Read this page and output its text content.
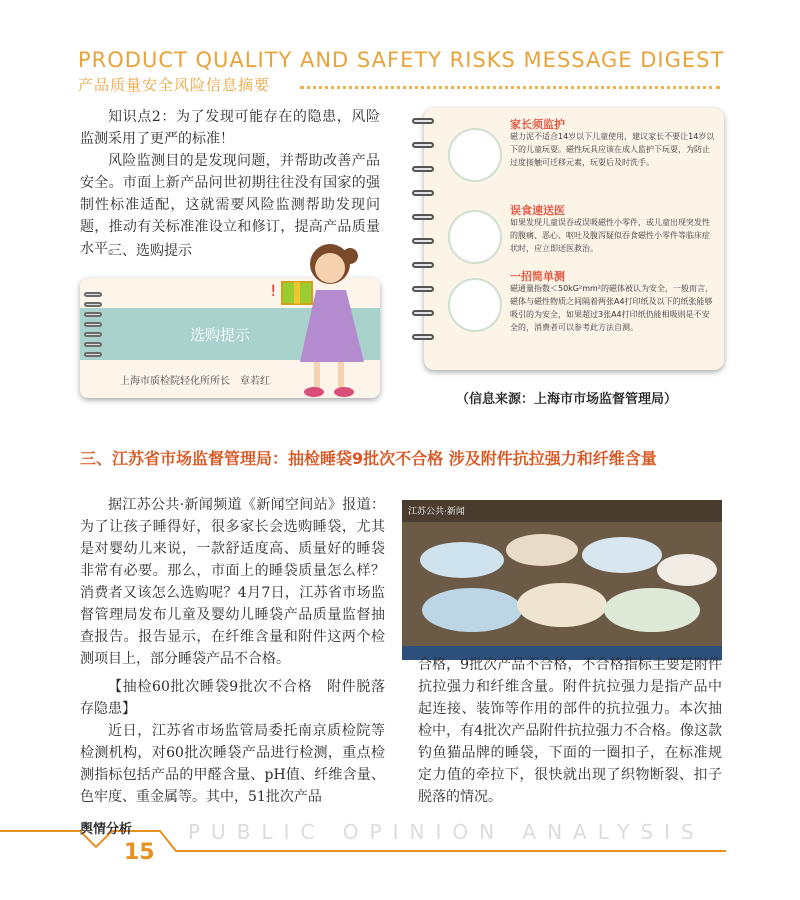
PRODUCT QUALITY AND SAFETY RISKS MESSAGE DIGEST
产品质量安全风险信息摘要
知识点2：为了发现可能存在的隐患，风险监测采用了更严的标准！
风险监测目的是发现问题，并帮助改善产品安全。市面上新产品问世初期往往没有国家的强制性标准适配，这就需要风险监测帮助发现问题，推动有关标准准设立和修订，提高产品质量水平。
三、选购提示
选购提示
上海市质检院轻化所所长　章若红
!
家长须监护
磁力泥不适合14岁以下儿童使用，建议家长不要让14岁以下的儿童玩耍。磁性玩具应该在成人监护下玩耍，为防止过度接触可迁移元素，玩耍后及时洗手。
误食速送医
如果发现儿童误吞或误吸磁性小零件，或儿童出现突发性的腹痛、恶心、呕吐及腹泻疑似吞食磁性小零件等临床症状时，应立即送医救治。
一招简单测
磁通量指数＜50kG²mm²的磁体被认为安全，一般而言，磁体与磁性物质之间隔着两张A4打印纸及以下的纸张能够吸引的为安全，如果超过3张A4打印纸仍能相吸则是不安全的，消费者可以参考此方法自测。
（信息来源：上海市市场监督管理局）
三、江苏省市场监督管理局：抽检睡袋9批次不合格 涉及附件抗拉强力和纤维含量
据江苏公共·新闻频道《新闻空间站》报道：为了让孩子睡得好，很多家长会选购睡袋，尤其是对婴幼儿来说，一款舒适度高、质量好的睡袋非常有必要。那么，市面上的睡袋质量怎么样？消费者又该怎么选购呢？4月7日，江苏省市场监督管理局发布儿童及婴幼儿睡袋产品质量监督抽查报告。报告显示，在纤维含量和附件这两个检测项目上，部分睡袋产品不合格。
【抽检60批次睡袋9批次不合格　附件脱落存隐患】
近日，江苏省市场监管局委托南京质检院等检测机构，对60批次睡袋产品进行检测，重点检测指标包括产品的甲醛含量、pH值、纤维含量、色牢度、重金属等。其中，51批次产品
江苏公共·新闻
合格，9批次产品不合格，不合格指标主要是附件抗拉强力和纤维含量。附件抗拉强力是指产品中起连接、装饰等作用的部件的抗拉强力。本次抽检中，有4批次产品附件抗拉强力不合格。像这款钓鱼猫品牌的睡袋，下面的一圈扣子，在标准规定力值的牵拉下，很快就出现了织物断裂、扣子脱落的情况。
舆情分析	PUBLIC OPINION ANALYSIS
15
